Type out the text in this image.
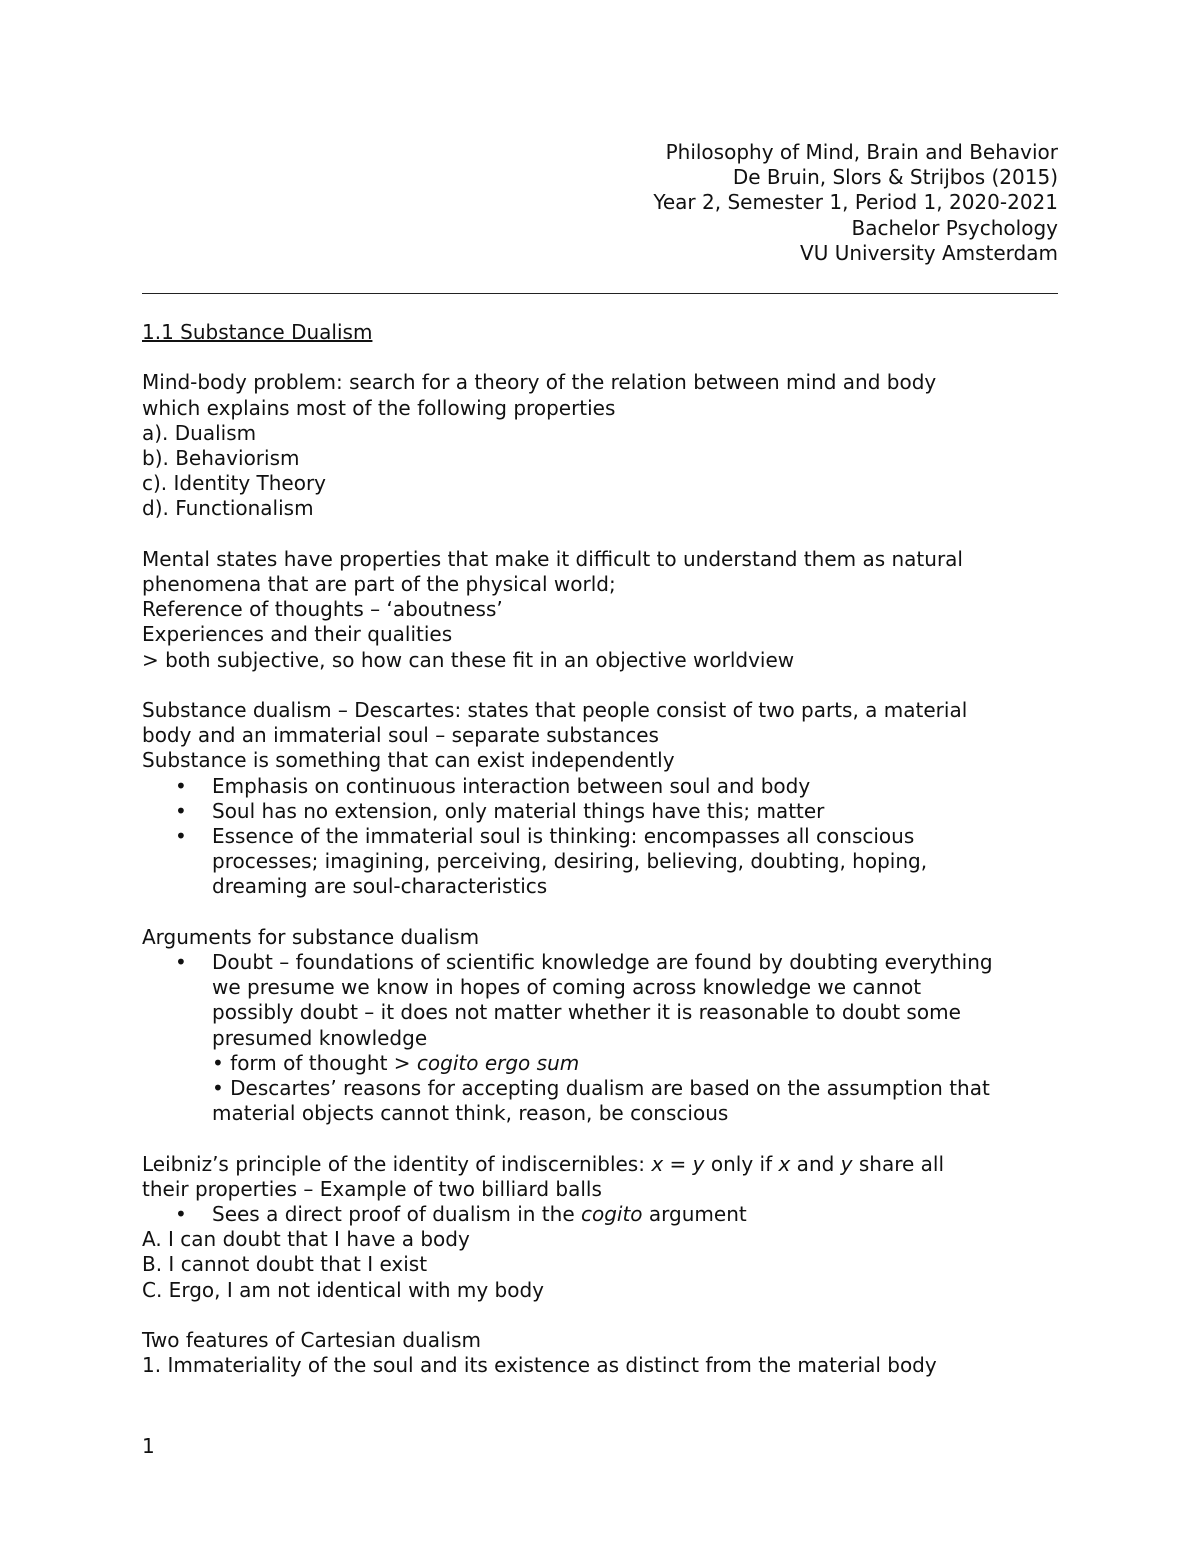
Philosophy of Mind, Brain and Behavior
De Bruin, Slors & Strijbos (2015)
Year 2, Semester 1, Period 1, 2020-2021
Bachelor Psychology
VU University Amsterdam
1.1 Substance Dualism
Mind-body problem: search for a theory of the relation between mind and body
which explains most of the following properties
a). Dualism
b). Behaviorism
c). Identity Theory
d). Functionalism
Mental states have properties that make it difficult to understand them as natural
phenomena that are part of the physical world;
Reference of thoughts – ‘aboutness’
Experiences and their qualities
> both subjective, so how can these fit in an objective worldview
Substance dualism – Descartes: states that people consist of two parts, a material
body and an immaterial soul – separate substances
Substance is something that can exist independently
• Emphasis on continuous interaction between soul and body
• Soul has no extension, only material things have this; matter
• Essence of the immaterial soul is thinking: encompasses all conscious
processes; imagining, perceiving, desiring, believing, doubting, hoping,
dreaming are soul-characteristics
Arguments for substance dualism
• Doubt – foundations of scientific knowledge are found by doubting everything
we presume we know in hopes of coming across knowledge we cannot
possibly doubt – it does not matter whether it is reasonable to doubt some
presumed knowledge
• form of thought > cogito ergo sum
• Descartes’ reasons for accepting dualism are based on the assumption that
material objects cannot think, reason, be conscious
Leibniz’s principle of the identity of indiscernibles: x = y only if x and y share all
their properties – Example of two billiard balls
• Sees a direct proof of dualism in the cogito argument
A. I can doubt that I have a body
B. I cannot doubt that I exist
C. Ergo, I am not identical with my body
Two features of Cartesian dualism
1. Immateriality of the soul and its existence as distinct from the material body
1
